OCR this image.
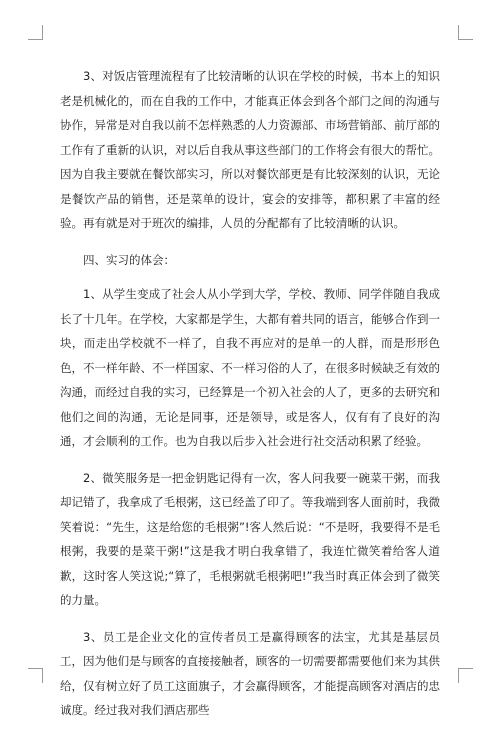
3、对饭店管理流程有了比较清晰的认识在学校的时候，书本上的知识老是机械化的，而在自我的工作中，才能真正体会到各个部门之间的沟通与协作，异常是对自我以前不怎样熟悉的人力资源部、市场营销部、前厅部的工作有了重新的认识，对以后自我从事这些部门的工作将会有很大的帮忙。因为自我主要就在餐饮部实习，所以对餐饮部更是有比较深刻的认识，无论是餐饮产品的销售，还是菜单的设计，宴会的安排等，都积累了丰富的经验。再有就是对于班次的编排，人员的分配都有了比较清晰的认识。

四、实习的体会：

1、从学生变成了社会人从小学到大学，学校、教师、同学伴随自我成长了十几年。在学校，大家都是学生，大都有着共同的语言，能够合作到一块，而走出学校就不一样了，自我不再应对的是单一的人群，而是形形色色，不一样年龄、不一样国家、不一样习俗的人了，在很多时候缺乏有效的沟通，而经过自我的实习，已经算是一个初入社会的人了，更多的去研究和他们之间的沟通，无论是同事，还是领导，或是客人，仅有有了良好的沟通，才会顺利的工作。也为自我以后步入社会进行社交活动积累了经验。

2、微笑服务是一把金钥匙记得有一次，客人问我要一碗菜干粥，而我却记错了，我拿成了毛根粥，这已经盖了印了。等我端到客人面前时，我微笑着说：“先生，这是给您的毛根粥”!客人然后说：“不是呀，我要得不是毛根粥，我要的是菜干粥!”这是我才明白我拿错了，我连忙微笑着给客人道歉，这时客人笑这说;“算了，毛根粥就毛根粥吧!”我当时真正体会到了微笑的力量。

3、员工是企业文化的宣传者员工是赢得顾客的法宝，尤其是基层员工，因为他们是与顾客的直接接触者，顾客的一切需要都需要他们来为其供给，仅有树立好了员工这面旗子，才会赢得顾客，才能提高顾客对酒店的忠诚度。经过我对我们酒店那些
